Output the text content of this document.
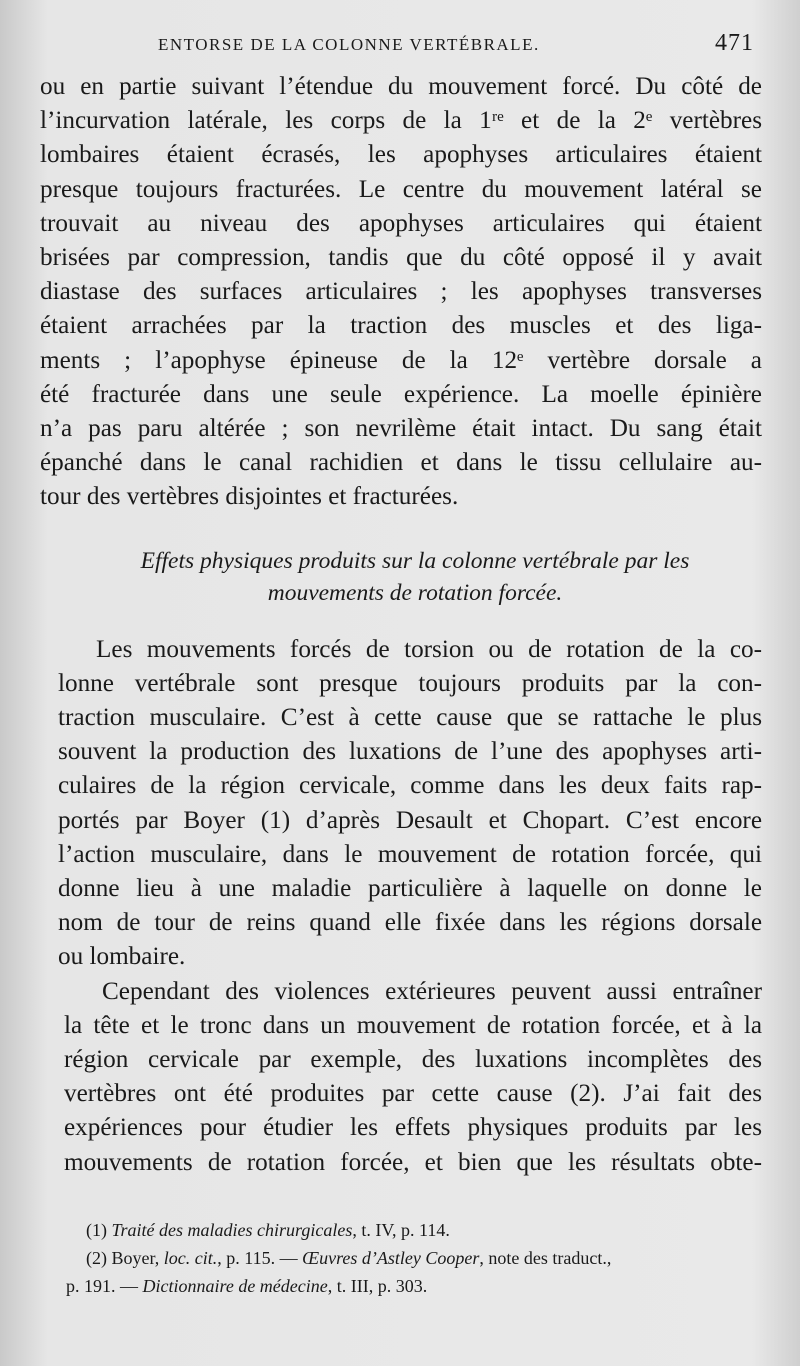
ENTORSE DE LA COLONNE VERTÉBRALE.	471
ou en partie suivant l’étendue du mouvement forcé. Du côté de
l’incurvation latérale, les corps de la 1ʳᵉ et de la 2ᵉ vertèbres
lombaires étaient écrasés, les apophyses articulaires étaient
presque toujours fracturées. Le centre du mouvement latéral se
trouvait au niveau des apophyses articulaires qui étaient
brisées par compression, tandis que du côté opposé il y avait
diastase des surfaces articulaires ; les apophyses transverses
étaient arrachées par la traction des muscles et des liga-
ments ; l’apophyse épineuse de la 12ᵉ vertèbre dorsale a
été fracturée dans une seule expérience. La moelle épinière
n’a pas paru altérée ; son nevrilème était intact. Du sang était
épanché dans le canal rachidien et dans le tissu cellulaire au-
tour des vertèbres disjointes et fracturées.
Effets physiques produits sur la colonne vertébrale par les
mouvements de rotation forcée.
Les mouvements forcés de torsion ou de rotation de la co-
lonne vertébrale sont presque toujours produits par la con-
traction musculaire. C’est à cette cause que se rattache le plus
souvent la production des luxations de l’une des apophyses arti-
culaires de la région cervicale, comme dans les deux faits rap-
portés par Boyer (1) d’après Desault et Chopart. C’est encore
l’action musculaire, dans le mouvement de rotation forcée, qui
donne lieu à une maladie particulière à laquelle on donne le
nom de tour de reins quand elle fixée dans les régions dorsale
ou lombaire.
Cependant des violences extérieures peuvent aussi entraîner
la tête et le tronc dans un mouvement de rotation forcée, et à la
région cervicale par exemple, des luxations incomplètes des
vertèbres ont été produites par cette cause (2). J’ai fait des
expériences pour étudier les effets physiques produits par les
mouvements de rotation forcée, et bien que les résultats obte-
(1) Traité des maladies chirurgicales, t. IV, p. 114.
(2) Boyer, loc. cit., p. 115. — Œuvres d’Astley Cooper, note des traduct.,
p. 191. — Dictionnaire de médecine, t. III, p. 303.
